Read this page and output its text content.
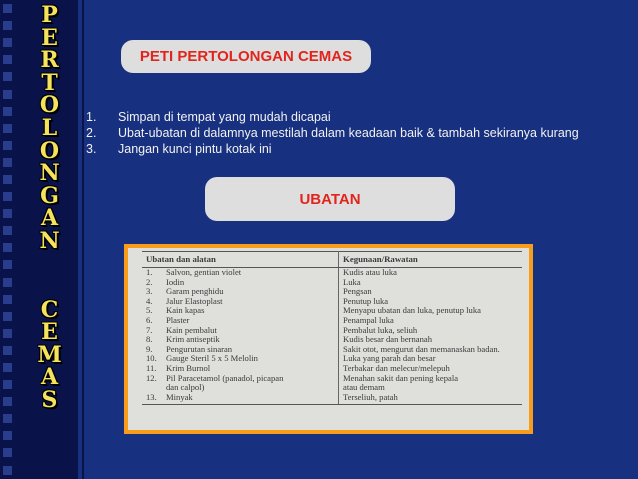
P
E
R
T
O
L
O
N
G
A
N
C
E
M
A
S
PETI PERTOLONGAN CEMAS
1.	Simpan di tempat yang mudah dicapai
2.	Ubat-ubatan di dalamnya mestilah dalam keadaan baik & tambah sekiranya kurang
3.	Jangan kunci pintu kotak ini
UBATAN
Ubatan dan alatan		Kegunaan/Rawatan
1.	Salvon, gentian violet	Kudis atau luka
2.	Iodin	Luka
3.	Garam penghidu	Pengsan
4.	Jalur Elastoplast	Penutup luka
5.	Kain kapas	Menyapu ubatan dan luka, penutup luka
6.	Plaster	Penampal luka
7.	Kain pembalut	Pembalut luka, seliuh
8.	Krim antiseptik	Kudis besar dan bernanah
9.	Pengurutan sinaran	Sakit otot, mengurut dan memanaskan badan.
10.	Gauge Steril 5 x 5 Melolin	Luka yang parah dan besar
11.	Krim Burnol	Terbakar dan melecur/melepuh
12.	Pil Paracetamol (panadol, picapan	Menahan sakit dan pening kepala
	dan calpol)	atau demam
13.	Minyak	Terseliuh, patah
